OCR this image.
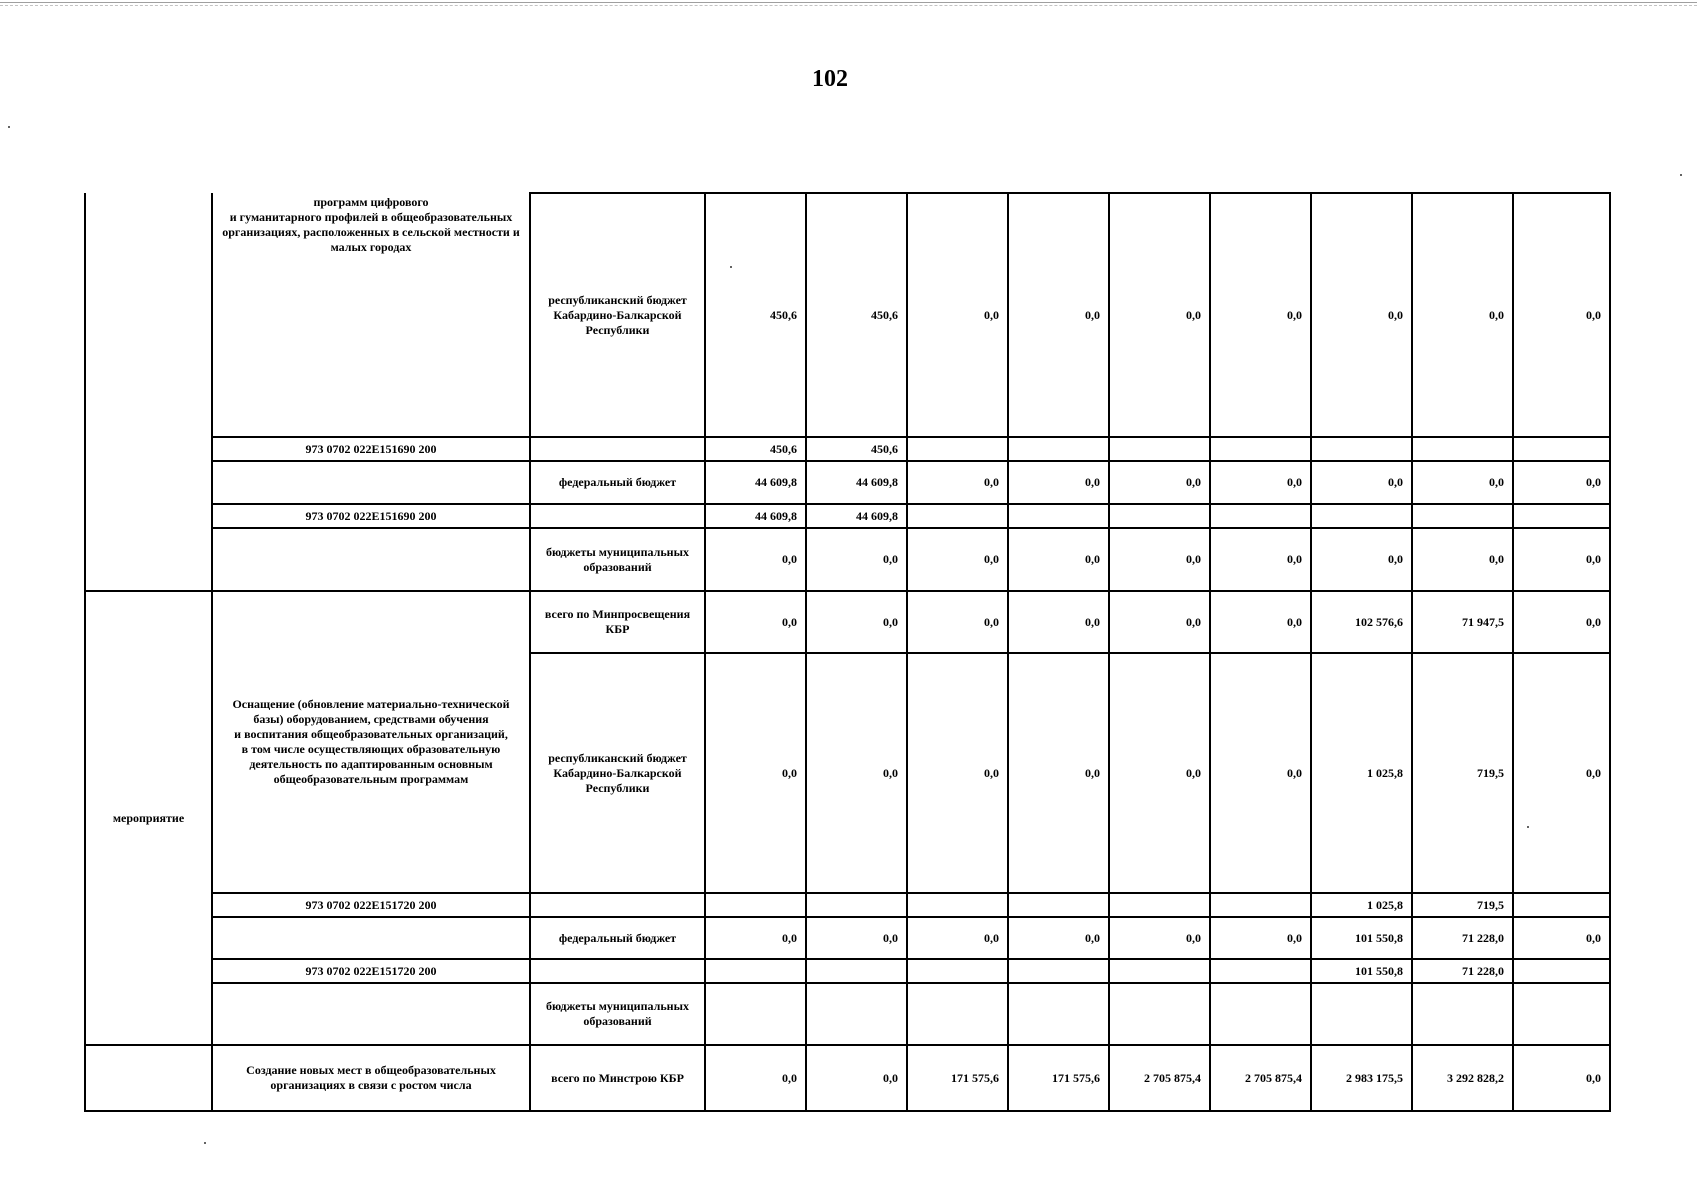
102
	программ цифрового
и гуманитарного профилей в общеобразовательных организациях, расположенных в сельской местности и малых городах	республиканский бюджет Кабардино-Балкарской Республики	450,6	450,6	0,0	0,0	0,0	0,0	0,0	0,0	0,0
	973 0702 022E151690 200		450,6	450,6							
		федеральный бюджет	44 609,8	44 609,8	0,0	0,0	0,0	0,0	0,0	0,0	0,0
	973 0702 022E151690 200		44 609,8	44 609,8							
		бюджеты муниципальных образований	0,0	0,0	0,0	0,0	0,0	0,0	0,0	0,0	0,0
мероприятие	Оснащение (обновление материально-технической базы) оборудованием, средствами обучения
и воспитания общеобразовательных организаций,
в том числе осуществляющих образовательную деятельность по адаптированным основным общеобразовательным программам	всего по Минпросвещения КБР	0,0	0,0	0,0	0,0	0,0	0,0	102 576,6	71 947,5	0,0
		республиканский бюджет Кабардино-Балкарской Республики	0,0	0,0	0,0	0,0	0,0	0,0	1 025,8	719,5	0,0
	973 0702 022E151720 200								1 025,8	719,5	
		федеральный бюджет	0,0	0,0	0,0	0,0	0,0	0,0	101 550,8	71 228,0	0,0
	973 0702 022E151720 200								101 550,8	71 228,0	
		бюджеты муниципальных образований									
	Создание новых мест в общеобразовательных организациях в связи с ростом числа	всего по Минстрою КБР	0,0	0,0	171 575,6	171 575,6	2 705 875,4	2 705 875,4	2 983 175,5	3 292 828,2	0,0
